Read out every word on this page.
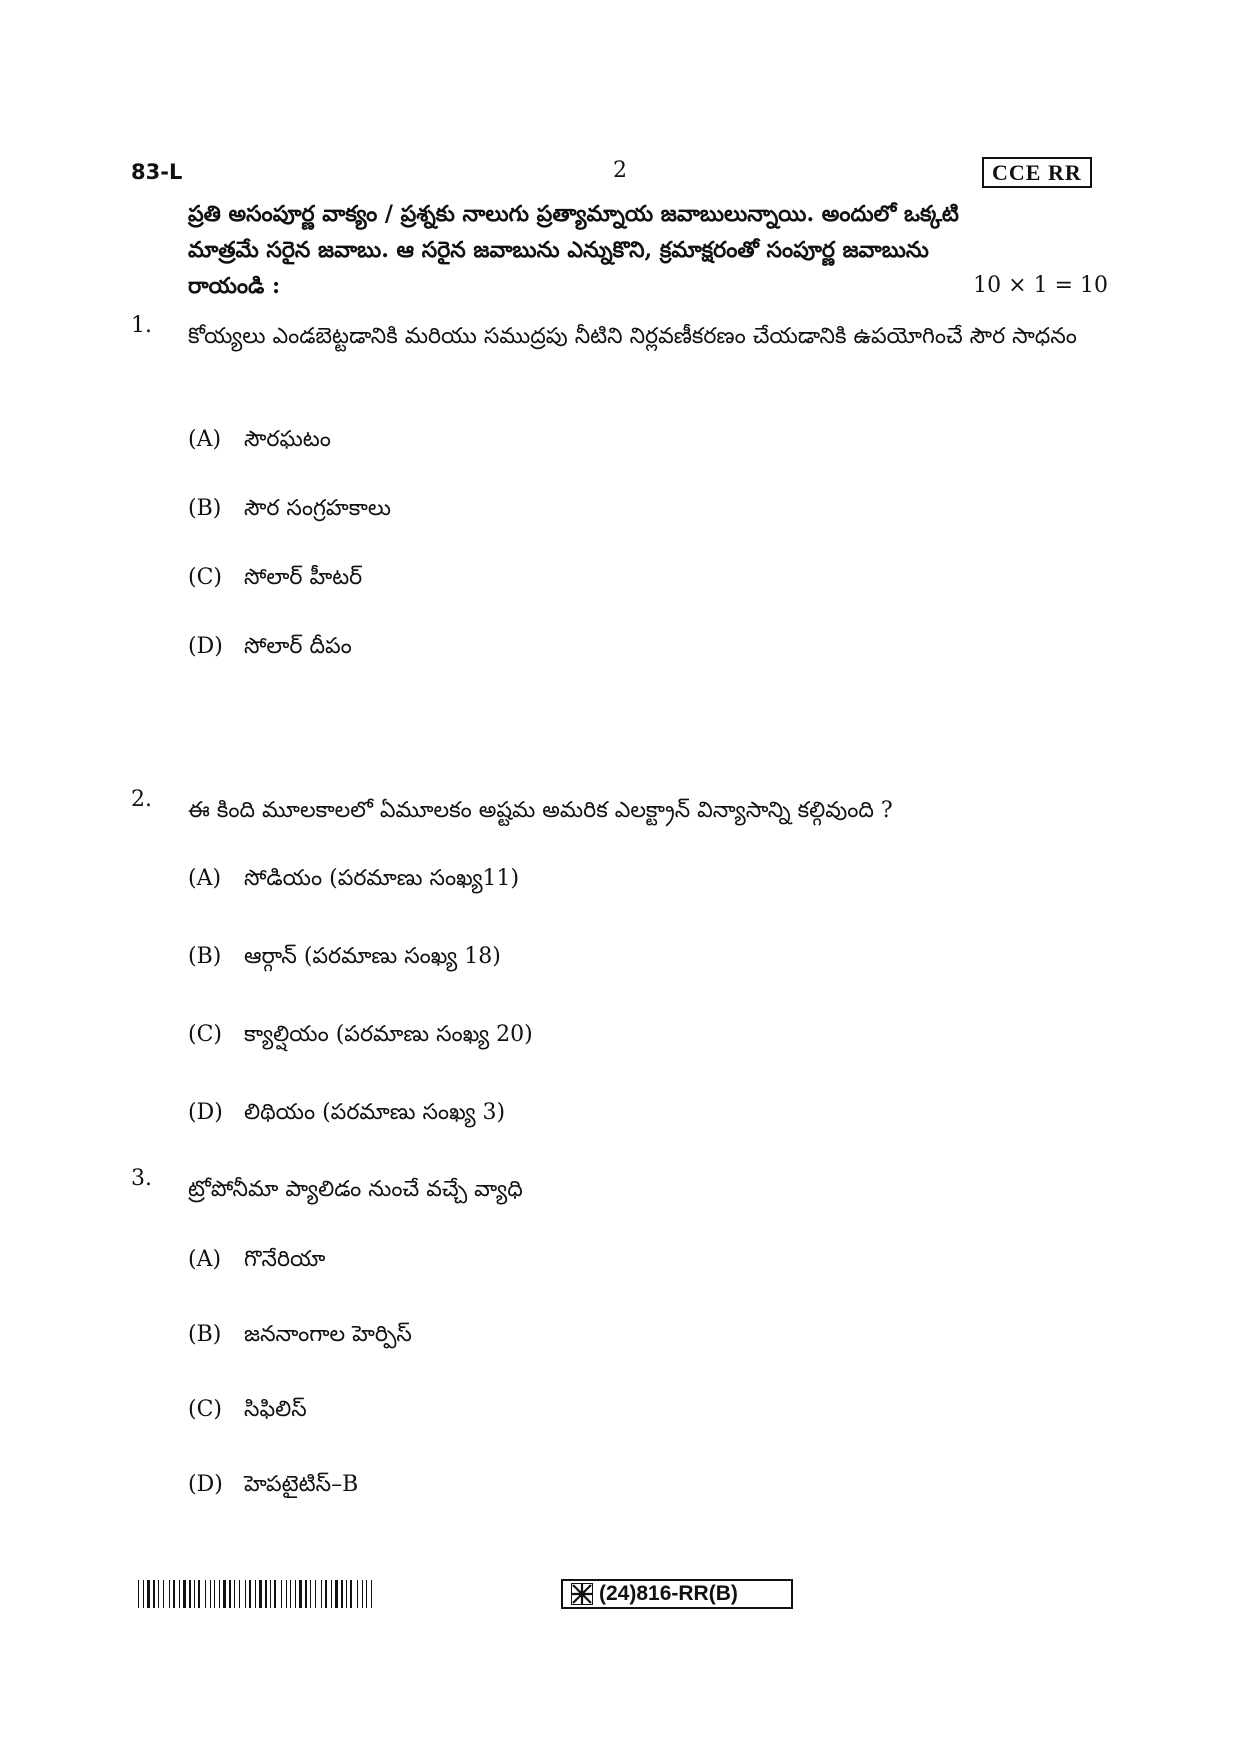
83-L	2	CCE RR
ప్రతి అసంపూర్ణ వాక్యం / ప్రశ్నకు నాలుగు ప్రత్యామ్నాయ జవాబులున్నాయి. అందులో ఒక్కటి
మాత్రమే సరైన జవాబు. ఆ సరైన జవాబును ఎన్నుకొని, క్రమాక్షరంతో సంపూర్ణ జవాబును
రాయండి :	10 × 1 = 10
1. కోయ్యలు ఎండబెట్టడానికి మరియు సముద్రపు నీటిని నిర్లవణీకరణం చేయడానికి ఉపయోగించే సౌర సాధనం
(A)	సౌరఘటం
(B)	సౌర సంగ్రహకాలు
(C)	సోలార్ హీటర్
(D) సోలార్ దీపం
2. ఈ కింది మూలకాలలో ఏమూలకం అష్టమ అమరిక ఎలక్ట్రాన్ విన్యాసాన్ని కల్గివుంది ?
(A)	సోడియం (పరమాణు సంఖ్య11)
(B)	ఆర్గాన్ (పరమాణు సంఖ్య 18)
(C)	క్యాల్షియం (పరమాణు సంఖ్య 20)
(D) లిథియం (పరమాణు సంఖ్య 3)
3. ట్రోపోనీమా ప్యాలిడం నుంచే వచ్చే వ్యాధి
(A)	గొనేరియా
(B)	జననాంగాల హెర్పిస్
(C)	సిఫిలిస్
(D) హెపటైటిస్–B
(24)816-RR(B)
